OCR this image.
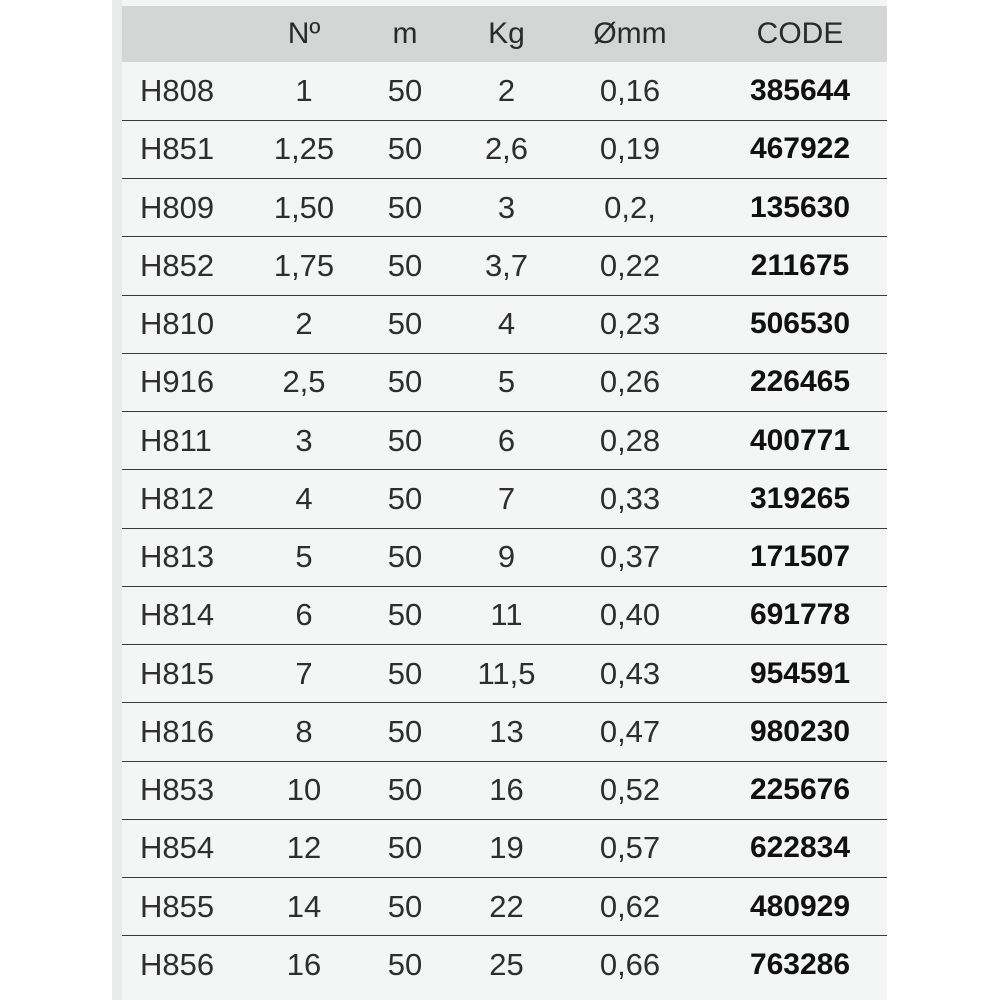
	Nº	m	Kg	Ømm	CODE
H808	1	50	2	0,16	385644
H851	1,25	50	2,6	0,19	467922
H809	1,50	50	3	0,2,	135630
H852	1,75	50	3,7	0,22	211675
H810	2	50	4	0,23	506530
H916	2,5	50	5	0,26	226465
H811	3	50	6	0,28	400771
H812	4	50	7	0,33	319265
H813	5	50	9	0,37	171507
H814	6	50	11	0,40	691778
H815	7	50	11,5	0,43	954591
H816	8	50	13	0,47	980230
H853	10	50	16	0,52	225676
H854	12	50	19	0,57	622834
H855	14	50	22	0,62	480929
H856	16	50	25	0,66	763286
